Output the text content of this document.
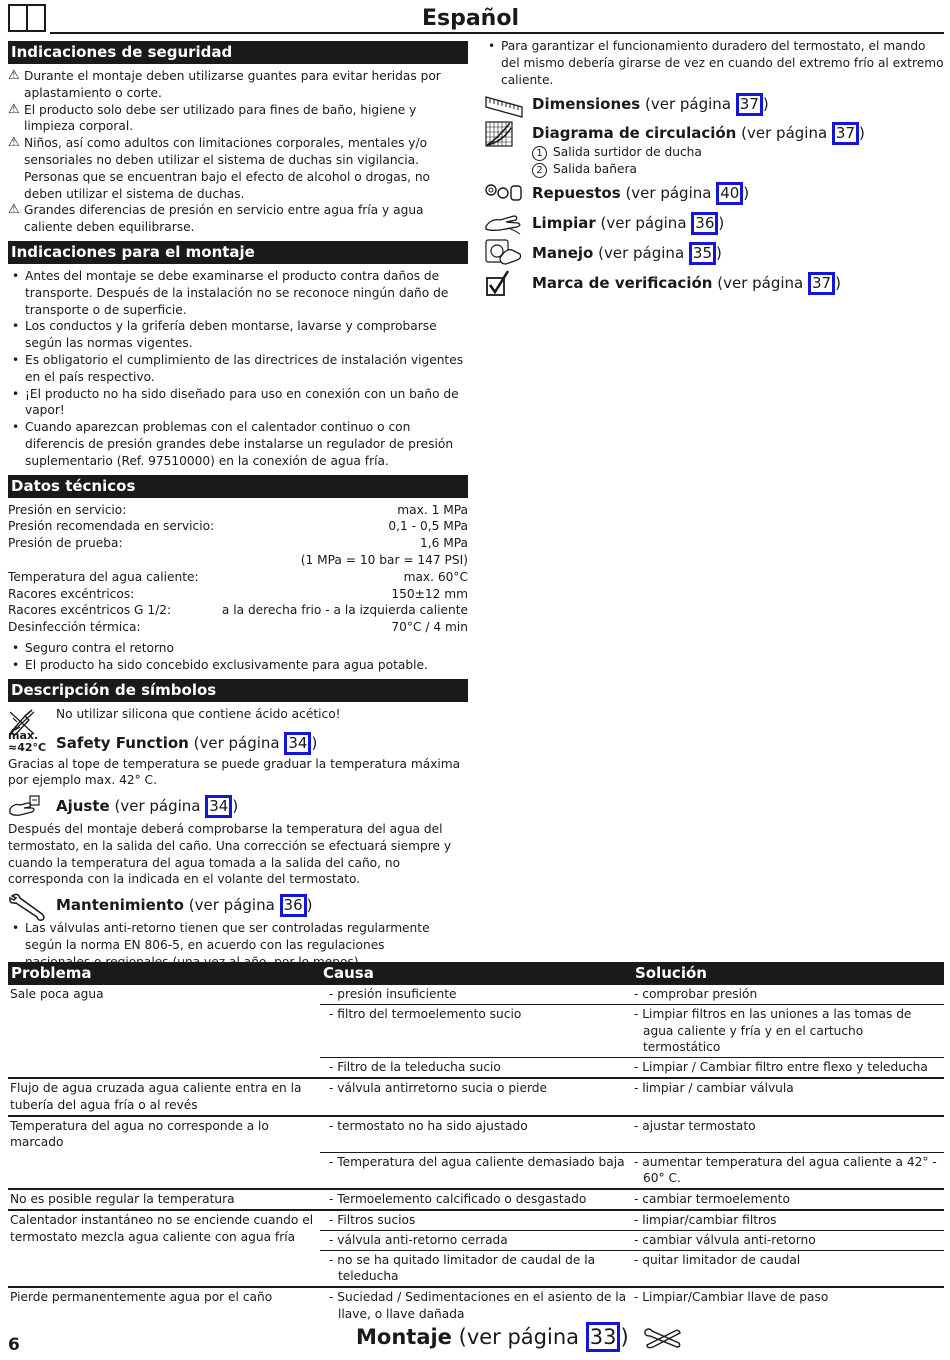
Español
Indicaciones de seguridad
⚠ Durante el montaje deben utilizarse guantes para evitar heridas por aplastamiento o corte.
⚠ El producto solo debe ser utilizado para fines de baño, higiene y limpieza corporal.
⚠ Niños, así como adultos con limitaciones corporales, mentales y/o sensoriales no deben utilizar el sistema de duchas sin vigilancia. Personas que se encuentran bajo el efecto de alcohol o drogas, no deben utilizar el sistema de duchas.
⚠ Grandes diferencias de presión en servicio entre agua fría y agua caliente deben equilibrarse.
Indicaciones para el montaje
• Antes del montaje se debe examinarse el producto contra daños de transporte. Después de la instalación no se reconoce ningún daño de transporte o de superficie.
• Los conductos y la grifería deben montarse, lavarse y comprobarse según las normas vigentes.
• Es obligatorio el cumplimiento de las directrices de instalación vigentes en el país respectivo.
• ¡El producto no ha sido diseñado para uso en conexión con un baño de vapor!
• Cuando aparezcan problemas con el calentador continuo o con diferencis de presión grandes debe instalarse un regulador de presión suplementario (Ref. 97510000) en la conexión de agua fría.
Datos técnicos
Presión en servicio:	max. 1 MPa
Presión recomendada en servicio:	0,1 - 0,5 MPa
Presión de prueba:	1,6 MPa
(1 MPa = 10 bar = 147 PSI)
Temperatura del agua caliente:	max. 60°C
Racores excéntricos:	150±12 mm
Racores excéntricos G 1/2:	a la derecha frio - a la izquierda caliente
Desinfección térmica:	70°C / 4 min
• Seguro contra el retorno
• El producto ha sido concebido exclusivamente para agua potable.
Descripción de símbolos
No utilizar silicona que contiene ácido acético!
max.
≈42°C Safety Function (ver página 34 )
Gracias al tope de temperatura se puede graduar la temperatura máxima por ejemplo max. 42° C.
Ajuste (ver página 34 )
Después del montaje deberá comprobarse la temperatura del agua del termostato, en la salida del caño. Una corrección se efectuará siempre y cuando la temperatura del agua tomada a la salida del caño, no corresponda con la indicada en el volante del termostato.
Mantenimiento (ver página 36 )
• Las válvulas anti-retorno tienen que ser controladas regularmente según la norma EN 806-5, en acuerdo con las regulaciones
• Para garantizar el funcionamiento duradero del termostato, el mando del mismo debería girarse de vez en cuando del extremo frío al extremo caliente.
Dimensiones (ver página 37 )
Diagrama de circulación (ver página 37 )
1 Salida surtidor de ducha
2 Salida bañera
Repuestos (ver página 40 )
Limpiar (ver página 36 )
Manejo (ver página 35 )
Marca de verificación (ver página 37 )
Problema	Causa	Solución
Sale poca agua	- presión insuficiente	- comprobar presión

	- filtro del termoelemento sucio	- Limpiar filtros en las uniones a las tomas de agua caliente y fría y en el cartucho termostático

	- Filtro de la teleducha sucio	- Limpiar / Cambiar filtro entre flexo y teleducha

Flujo de agua cruzada agua caliente entra en la tubería del agua fría o al revés	- válvula antirretorno sucia o pierde	- limpiar / cambiar válvula

Temperatura del agua no corresponde a lo marcado	- termostato no ha sido ajustado	- ajustar termostato

	- Temperatura del agua caliente demasiado baja	- aumentar temperatura del agua caliente a 42° - 60° C.

No es posible regular la temperatura	- Termoelemento calcificado o desgastado	- cambiar termoelemento

Calentador instantáneo no se enciende cuando el termostato mezcla agua caliente con agua fría	- Filtros sucios	- limpiar/cambiar filtros

	- válvula anti-retorno cerrada	- cambiar válvula anti-retorno

	- no se ha quitado limitador de caudal de la teleducha	- quitar limitador de caudal

Pierde permanentemente agua por el caño	- Suciedad / Sedimentaciones en el asiento de la llave, o llave dañada	- Limpiar/Cambiar llave de paso
6	Montaje (ver página 33 )
